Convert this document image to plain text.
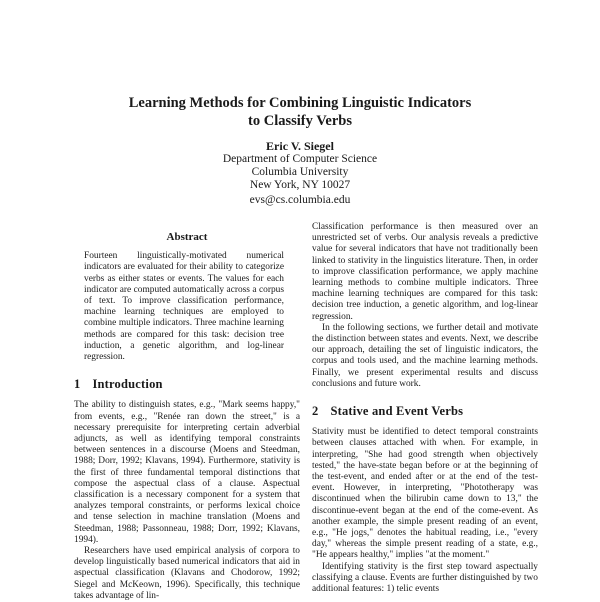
Learning Methods for Combining Linguistic Indicators
to Classify Verbs
Eric V. Siegel
Department of Computer Science
Columbia University
New York, NY 10027
evs@cs.columbia.edu
Abstract

Fourteen linguistically-motivated numerical indicators are evaluated for their ability to categorize verbs as either states or events. The values for each indicator are computed automatically across a corpus of text. To improve classification performance, machine learning techniques are employed to combine multiple indicators. Three machine learning methods are compared for this task: decision tree induction, a genetic algorithm, and log-linear regression.

1 Introduction

The ability to distinguish states, e.g., "Mark seems happy," from events, e.g., "Renée ran down the street," is a necessary prerequisite for interpreting certain adverbial adjuncts, as well as identifying temporal constraints between sentences in a discourse (Moens and Steedman, 1988; Dorr, 1992; Klavans, 1994). Furthermore, stativity is the first of three fundamental temporal distinctions that compose the aspectual class of a clause. Aspectual classification is a necessary component for a system that analyzes temporal constraints, or performs lexical choice and tense selection in machine translation (Moens and Steedman, 1988; Passonneau, 1988; Dorr, 1992; Klavans, 1994).

Researchers have used empirical analysis of corpora to develop linguistically based numerical indicators that aid in aspectual classification (Klavans and Chodorow, 1992; Siegel and McKeown, 1996). Specifically, this technique takes advantage of lin-

Classification performance is then measured over an unrestricted set of verbs. Our analysis reveals a predictive value for several indicators that have not traditionally been linked to stativity in the linguistics literature. Then, in order to improve classification performance, we apply machine learning methods to combine multiple indicators. Three machine learning techniques are compared for this task: decision tree induction, a genetic algorithm, and log-linear regression.

In the following sections, we further detail and motivate the distinction between states and events. Next, we describe our approach, detailing the set of linguistic indicators, the corpus and tools used, and the machine learning methods. Finally, we present experimental results and discuss conclusions and future work.

2 Stative and Event Verbs

Stativity must be identified to detect temporal constraints between clauses attached with when. For example, in interpreting, "She had good strength when objectively tested," the have-state began before or at the beginning of the test-event, and ended after or at the end of the test-event. However, in interpreting, "Phototherapy was discontinued when the bilirubin came down to 13," the discontinue-event began at the end of the come-event. As another example, the simple present reading of an event, e.g., "He jogs," denotes the habitual reading, i.e., "every day," whereas the simple present reading of a state, e.g., "He appears healthy," implies "at the moment."

Identifying stativity is the first step toward aspectually classifying a clause. Events are further distinguished by two additional features: 1) telic events
